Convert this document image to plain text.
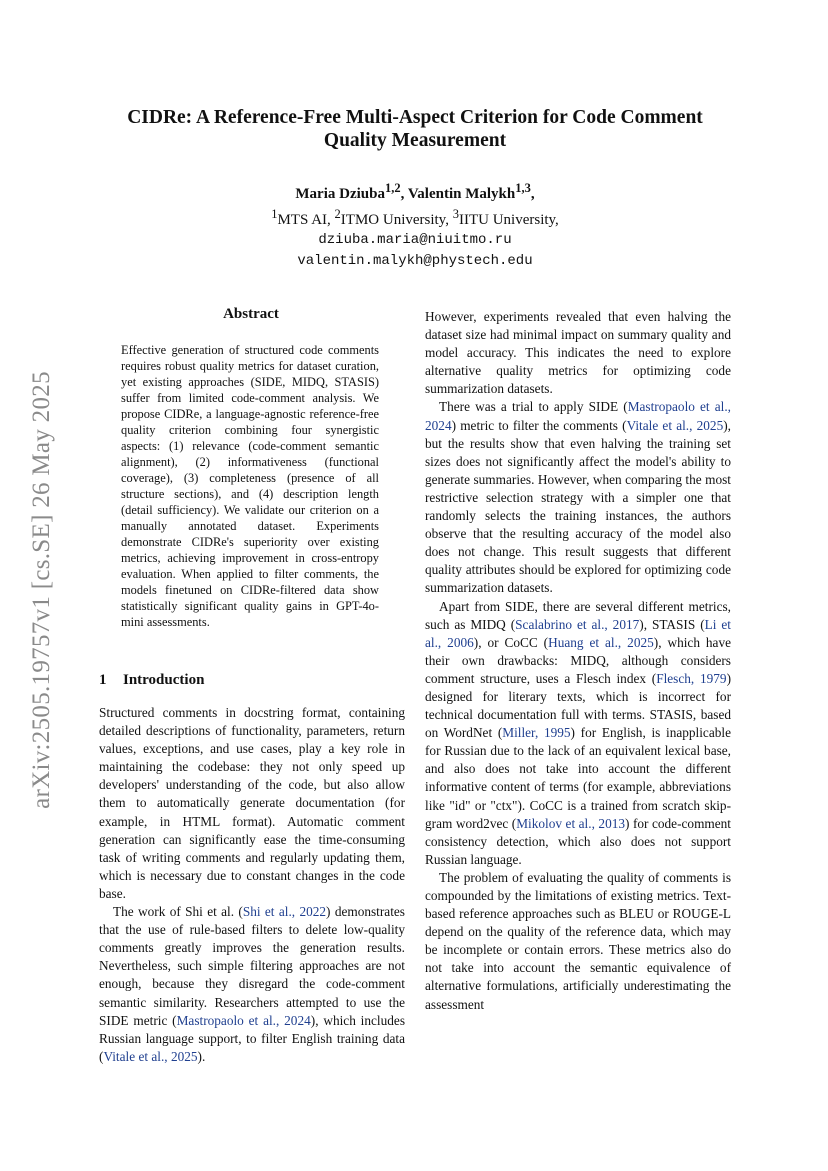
arXiv:2505.19757v1 [cs.SE] 26 May 2025
CIDRe: A Reference-Free Multi-Aspect Criterion for Code Comment Quality Measurement
Maria Dziuba$^{1,2}$, Valentin Malykh$^{1,3}$,
$^1$MTS AI, $^2$ITMO University, $^3$IITU University,
dziuba.maria@niuitmo.ru
valentin.malykh@phystech.edu
Abstract

Effective generation of structured code comments requires robust quality metrics for dataset curation, yet existing approaches (SIDE, MIDQ, STASIS) suffer from limited code-comment analysis. We propose CIDRe, a language-agnostic reference-free quality criterion combining four synergistic aspects: (1) relevance (code-comment semantic alignment), (2) informativeness (functional coverage), (3) completeness (presence of all structure sections), and (4) description length (detail sufficiency). We validate our criterion on a manually annotated dataset. Experiments demonstrate CIDRe's superiority over existing metrics, achieving improvement in cross-entropy evaluation. When applied to filter comments, the models finetuned on CIDRe-filtered data show statistically significant quality gains in GPT-4o-mini assessments.

1 Introduction

Structured comments in docstring format, containing detailed descriptions of functionality, parameters, return values, exceptions, and use cases, play a key role in maintaining the codebase: they not only speed up developers' understanding of the code, but also allow them to automatically generate documentation (for example, in HTML format). Automatic comment generation can significantly ease the time-consuming task of writing comments and regularly updating them, which is necessary due to constant changes in the code base.

The work of Shi et al. (Shi et al., 2022) demonstrates that the use of rule-based filters to delete low-quality comments greatly improves the generation results. Nevertheless, such simple filtering approaches are not enough, because they disregard the code-comment semantic similarity. Researchers attempted to use the SIDE metric (Mastropaolo et al., 2024), which includes Russian language support, to filter English training data (Vitale et al., 2025).

However, experiments revealed that even halving the dataset size had minimal impact on summary quality and model accuracy. This indicates the need to explore alternative quality metrics for optimizing code summarization datasets.

There was a trial to apply SIDE (Mastropaolo et al., 2024) metric to filter the comments (Vitale et al., 2025), but the results show that even halving the training set sizes does not significantly affect the model's ability to generate summaries. However, when comparing the most restrictive selection strategy with a simpler one that randomly selects the training instances, the authors observe that the resulting accuracy of the model also does not change. This result suggests that different quality attributes should be explored for optimizing code summarization datasets.

Apart from SIDE, there are several different metrics, such as MIDQ (Scalabrino et al., 2017), STASIS (Li et al., 2006), or CoCC (Huang et al., 2025), which have their own drawbacks: MIDQ, although considers comment structure, uses a Flesch index (Flesch, 1979) designed for literary texts, which is incorrect for technical documentation full with terms. STASIS, based on WordNet (Miller, 1995) for English, is inapplicable for Russian due to the lack of an equivalent lexical base, and also does not take into account the different informative content of terms (for example, abbreviations like "id" or "ctx"). CoCC is a trained from scratch skip-gram word2vec (Mikolov et al., 2013) for code-comment consistency detection, which also does not support Russian language.

The problem of evaluating the quality of comments is compounded by the limitations of existing metrics. Text-based reference approaches such as BLEU or ROUGE-L depend on the quality of the reference data, which may be incomplete or contain errors. These metrics also do not take into account the semantic equivalence of alternative formulations, artificially underestimating the assessment
